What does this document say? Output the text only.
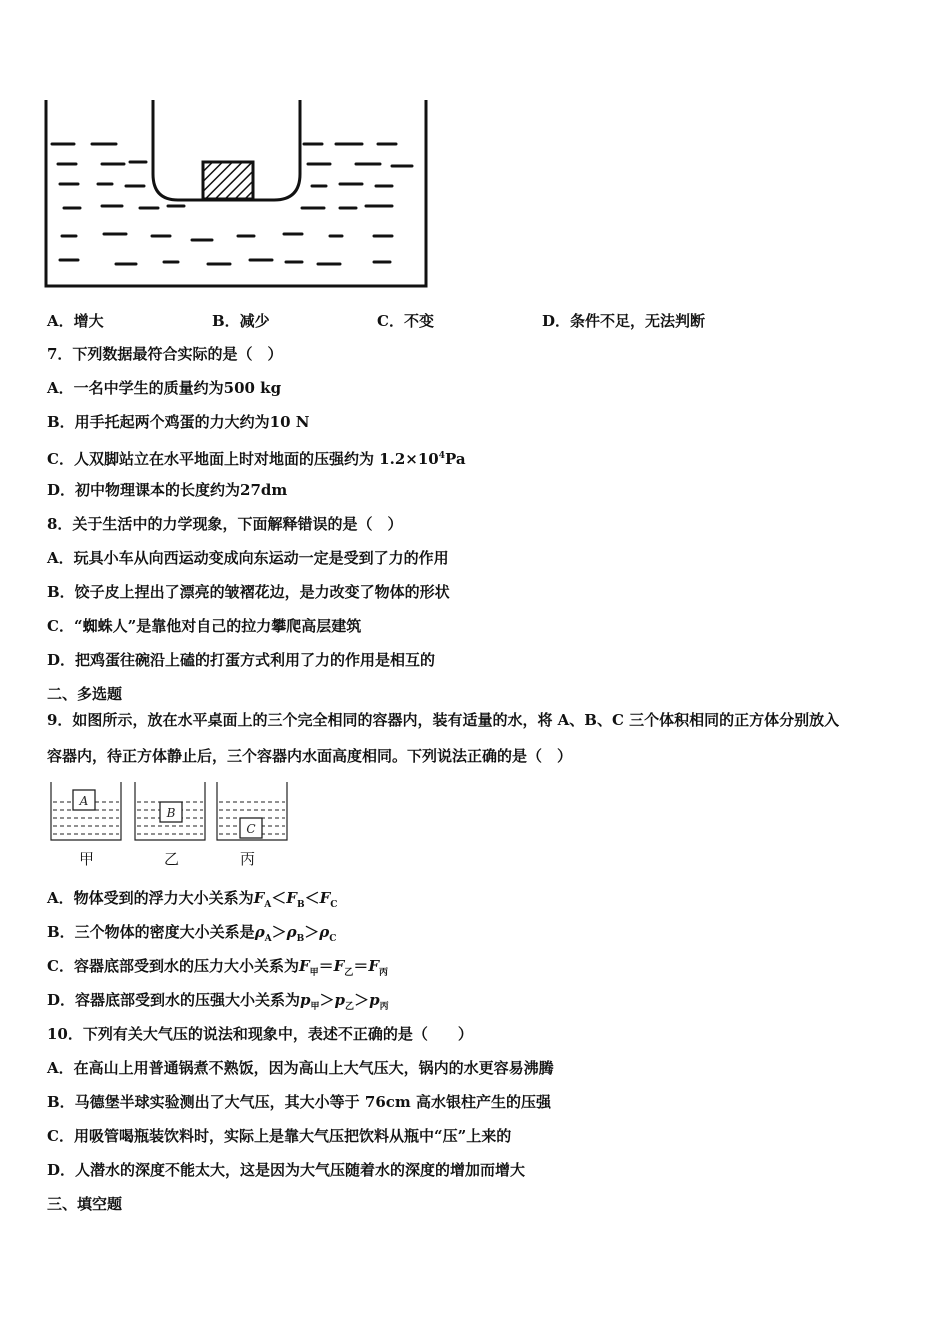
A．增大	B．减少	C．不变	D．条件不足，无法判断
7．下列数据最符合实际的是（　）
A．一名中学生的质量约为500 kg
B．用手托起两个鸡蛋的力大约为10 N
C．人双脚站立在水平地面上时对地面的压强约为 $1.2\times 10^4Pa$
D．初中物理课本的长度约为27dm
8．关于生活中的力学现象，下面解释错误的是（　）
A．玩具小车从向西运动变成向东运动一定是受到了力的作用
B．饺子皮上捏出了漂亮的皱褶花边，是力改变了物体的形状
C．“蜘蛛人”是靠他对自己的拉力攀爬高层建筑
D．把鸡蛋往碗沿上磕的打蛋方式利用了力的作用是相互的
二、多选题
9．如图所示，放在水平桌面上的三个完全相同的容器内，装有适量的水，将 A、B、C 三个体积相同的正方体分别放入
容器内，待正方体静止后，三个容器内水面高度相同。下列说法正确的是（　）
A
B
C
甲	乙	丙
A．物体受到的浮力大小关系为$F_A<F_B<F_C$
B．三个物体的密度大小关系是$\rho_A>\rho_B>\rho_C$
C．容器底部受到水的压力大小关系为$F_甲=F_乙=F_丙$
D．容器底部受到水的压强大小关系为$p_甲>p_乙>p_丙$
10．下列有关大气压的说法和现象中，表述不正确的是（　　）
A．在高山上用普通锅煮不熟饭，因为高山上大气压大，锅内的水更容易沸腾
B．马德堡半球实验测出了大气压，其大小等于 76cm 高水银柱产生的压强
C．用吸管喝瓶装饮料时，实际上是靠大气压把饮料从瓶中“压”上来的
D．人潜水的深度不能太大，这是因为大气压随着水的深度的增加而增大
三、填空题
